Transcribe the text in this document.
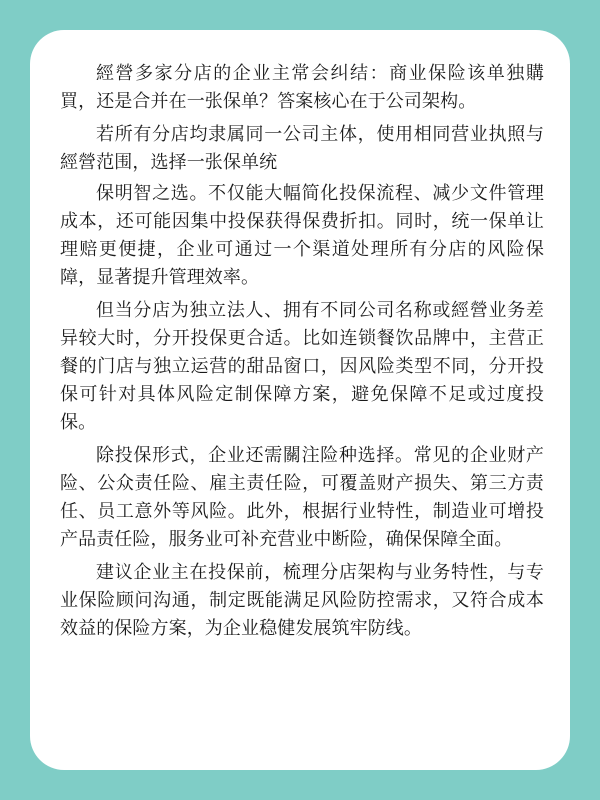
經營多家分店的企业主常会纠结：商业保险该单独購買，还是合并在一张保单？答案核心在于公司架构。

若所有分店均隶属同一公司主体，使用相同营业执照与經營范围，选择一张保单统

保明智之选。不仅能大幅简化投保流程、减少文件管理成本，还可能因集中投保获得保费折扣。同时，统一保单让理赔更便捷，企业可通过一个渠道处理所有分店的风险保障，显著提升管理效率。

但当分店为独立法人、拥有不同公司名称或經營业务差异较大时，分开投保更合适。比如连锁餐饮品牌中，主营正餐的门店与独立运营的甜品窗口，因风险类型不同，分开投保可针对具体风险定制保障方案，避免保障不足或过度投保。

除投保形式，企业还需關注险种选择。常见的企业财产险、公众责任险、雇主责任险，可覆盖财产损失、第三方责任、员工意外等风险。此外，根据行业特性，制造业可增投产品责任险，服务业可补充营业中断险，确保保障全面。

建议企业主在投保前，梳理分店架构与业务特性，与专业保险顾问沟通，制定既能满足风险防控需求，又符合成本效益的保险方案，为企业稳健发展筑牢防线。
